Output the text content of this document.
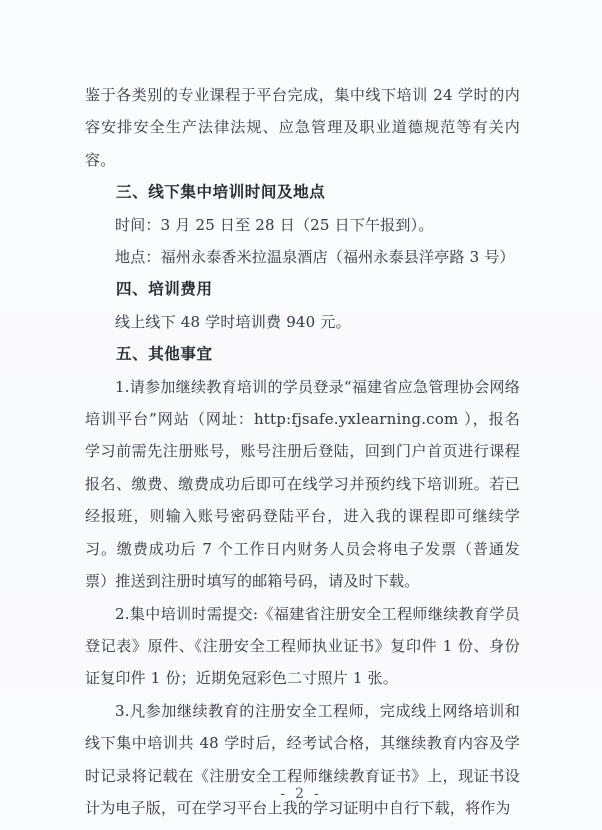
鉴于各类别的专业课程于平台完成，集中线下培训 24 学时的内容安排安全生产法律法规、应急管理及职业道德规范等有关内容。

三、线下集中培训时间及地点

时间：3 月 25 日至 28 日（25 日下午报到）。

地点：福州永泰香米拉温泉酒店（福州永泰县洋亭路 3 号）

四、培训费用

线上线下 48 学时培训费 940 元。

五、其他事宜

1.请参加继续教育培训的学员登录“福建省应急管理协会网络培训平台”网站（网址：http:fjsafe.yxlearning.com ），报名学习前需先注册账号，账号注册后登陆，回到门户首页进行课程报名、缴费、缴费成功后即可在线学习并预约线下培训班。若已经报班，则输入账号密码登陆平台，进入我的课程即可继续学习。缴费成功后 7 个工作日内财务人员会将电子发票（普通发票）推送到注册时填写的邮箱号码，请及时下载。

2.集中培训时需提交:《福建省注册安全工程师继续教育学员登记表》原件、《注册安全工程师执业证书》复印件 1 份、身份证复印件 1 份；近期免冠彩色二寸照片 1 张。

3.凡参加继续教育的注册安全工程师，完成线上网络培训和线下集中培训共 48 学时后，经考试合格，其继续教育内容及学时记录将记载在《注册安全工程师继续教育证书》上，现证书设计为电子版，可在学习平台上我的学习证明中自行下载，将作为

- 2 -
